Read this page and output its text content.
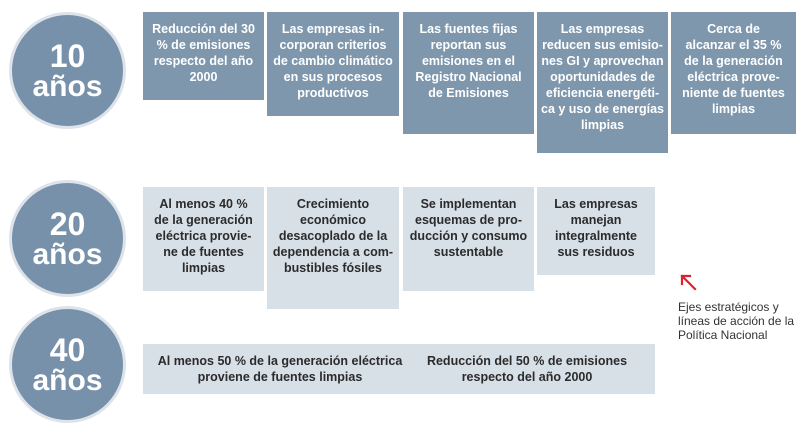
10
años
Reducción del 30
% de emisiones
respecto del año
2000
Las empresas in-
corporan criterios
de cambio climático
en sus procesos
productivos
Las fuentes fijas
reportan sus
emisiones en el
Registro Nacional
de Emisiones
Las empresas
reducen sus emisio-
nes GI y aprovechan
oportunidades de
eficiencia energéti-
ca y uso de energías
limpias
Cerca de
alcanzar el 35 %
de la generación
eléctrica prove-
niente de fuentes
limpias
20
años
Al menos 40 %
de la generación
eléctrica provie-
ne de fuentes
limpias
Crecimiento
económico
desacoplado de la
dependencia a com-
bustibles fósiles
Se implementan
esquemas de pro-
ducción y consumo
sustentable
Las empresas
manejan
integralmente
sus residuos
Ejes estratégicos y
líneas de acción de la
Política Nacional
40
años
Al menos 50 % de la generación eléctrica
proviene de fuentes limpias
Reducción del 50 % de emisiones
respecto del año 2000
